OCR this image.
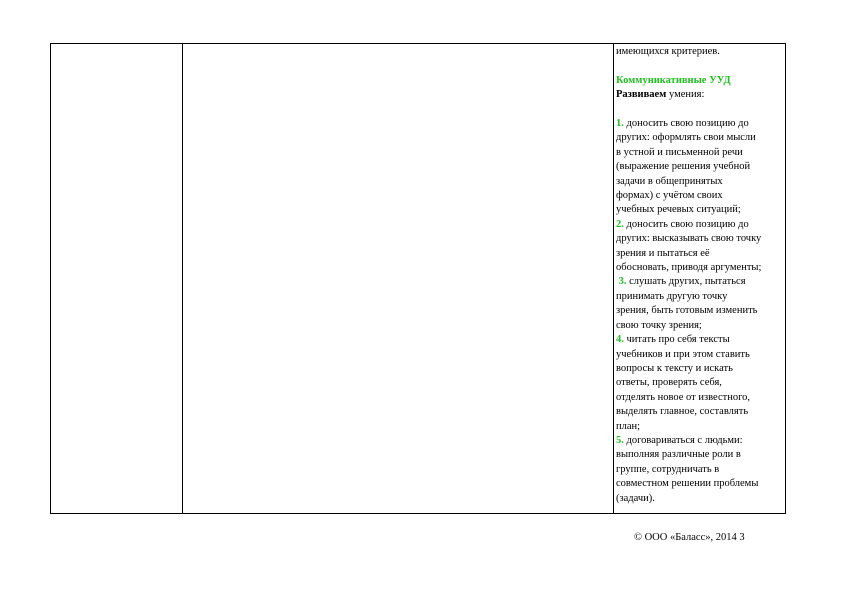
имеющихся критериев.
Коммуникативные УУД
Развиваем умения:
1. доносить свою позицию до
других: оформлять свои мысли
в устной и письменной речи
(выражение решения учебной
задачи в общепринятых
формах) с учётом своих
учебных речевых ситуаций;
2. доносить свою позицию до
других: высказывать свою точку
зрения и пытаться её
обосновать, приводя аргументы;
3. слушать других, пытаться
принимать другую точку
зрения, быть готовым изменить
свою точку зрения;
4. читать про себя тексты
учебников и при этом ставить
вопросы к тексту и искать
ответы, проверять себя,
отделять новое от известного,
выделять главное, составлять
план;
5. договариваться с людьми:
выполняя различные роли в
группе, сотрудничать в
совместном решении проблемы
(задачи).
© ООО «Баласс», 2014 3
